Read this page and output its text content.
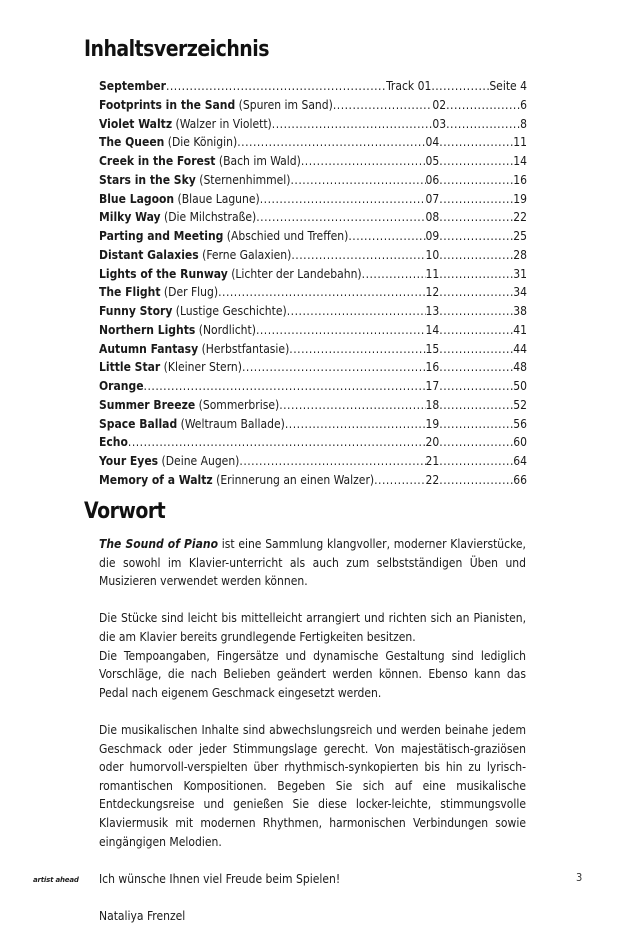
Inhaltsverzeichnis
September .....	Track 01 .....	Seite 4
Footprints in the Sand (Spuren im Sand) .....	02 .....	6
Violet Waltz (Walzer in Violett) .....	03 .....	8
The Queen (Die Königin) .....	04 .....	11
Creek in the Forest (Bach im Wald) .....	05 .....	14
Stars in the Sky (Sternenhimmel) .....	06 .....	16
Blue Lagoon (Blaue Lagune) .....	07 .....	19
Milky Way (Die Milchstraße) .....	08 .....	22
Parting and Meeting (Abschied und Treffen) .....	09 .....	25
Distant Galaxies (Ferne Galaxien) .....	10 .....	28
Lights of the Runway (Lichter der Landebahn) .....	11 .....	31
The Flight (Der Flug) .....	12 .....	34
Funny Story (Lustige Geschichte) .....	13 .....	38
Northern Lights (Nordlicht) .....	14 .....	41
Autumn Fantasy (Herbstfantasie) .....	15 .....	44
Little Star (Kleiner Stern) .....	16 .....	48
Orange .....	17 .....	50
Summer Breeze (Sommerbrise) .....	18 .....	52
Space Ballad (Weltraum Ballade) .....	19 .....	56
Echo .....	20 .....	60
Your Eyes (Deine Augen) .....	21 .....	64
Memory of a Waltz (Erinnerung an einen Walzer) .....	22 .....	66
Vorwort

The Sound of Piano ist eine Sammlung klangvoller, moderner Klavierstücke, die sowohl im Klavier-unterricht als auch zum selbstständigen Üben und Musizieren verwendet werden können.

Die Stücke sind leicht bis mittelleicht arrangiert und richten sich an Pianisten, die am Klavier bereits grundlegende Fertigkeiten besitzen.

Die Tempoangaben, Fingersätze und dynamische Gestaltung sind lediglich Vorschläge, die nach Belieben geändert werden können. Ebenso kann das Pedal nach eigenem Geschmack eingesetzt werden.

Die musikalischen Inhalte sind abwechslungsreich und werden beinahe jedem Geschmack oder jeder Stimmungslage gerecht. Von majestätisch-graziösen oder humorvoll-verspielten über rhythmisch-synkopierten bis hin zu lyrisch-romantischen Kompositionen. Begeben Sie sich auf eine musikalische Entdeckungsreise und genießen Sie diese locker-leichte, stimmungsvolle Klaviermusik mit modernen Rhythmen, harmonischen Verbindungen sowie eingängigen Melodien.

Ich wünsche Ihnen viel Freude beim Spielen!

Nataliya Frenzel

artist ahead	3
